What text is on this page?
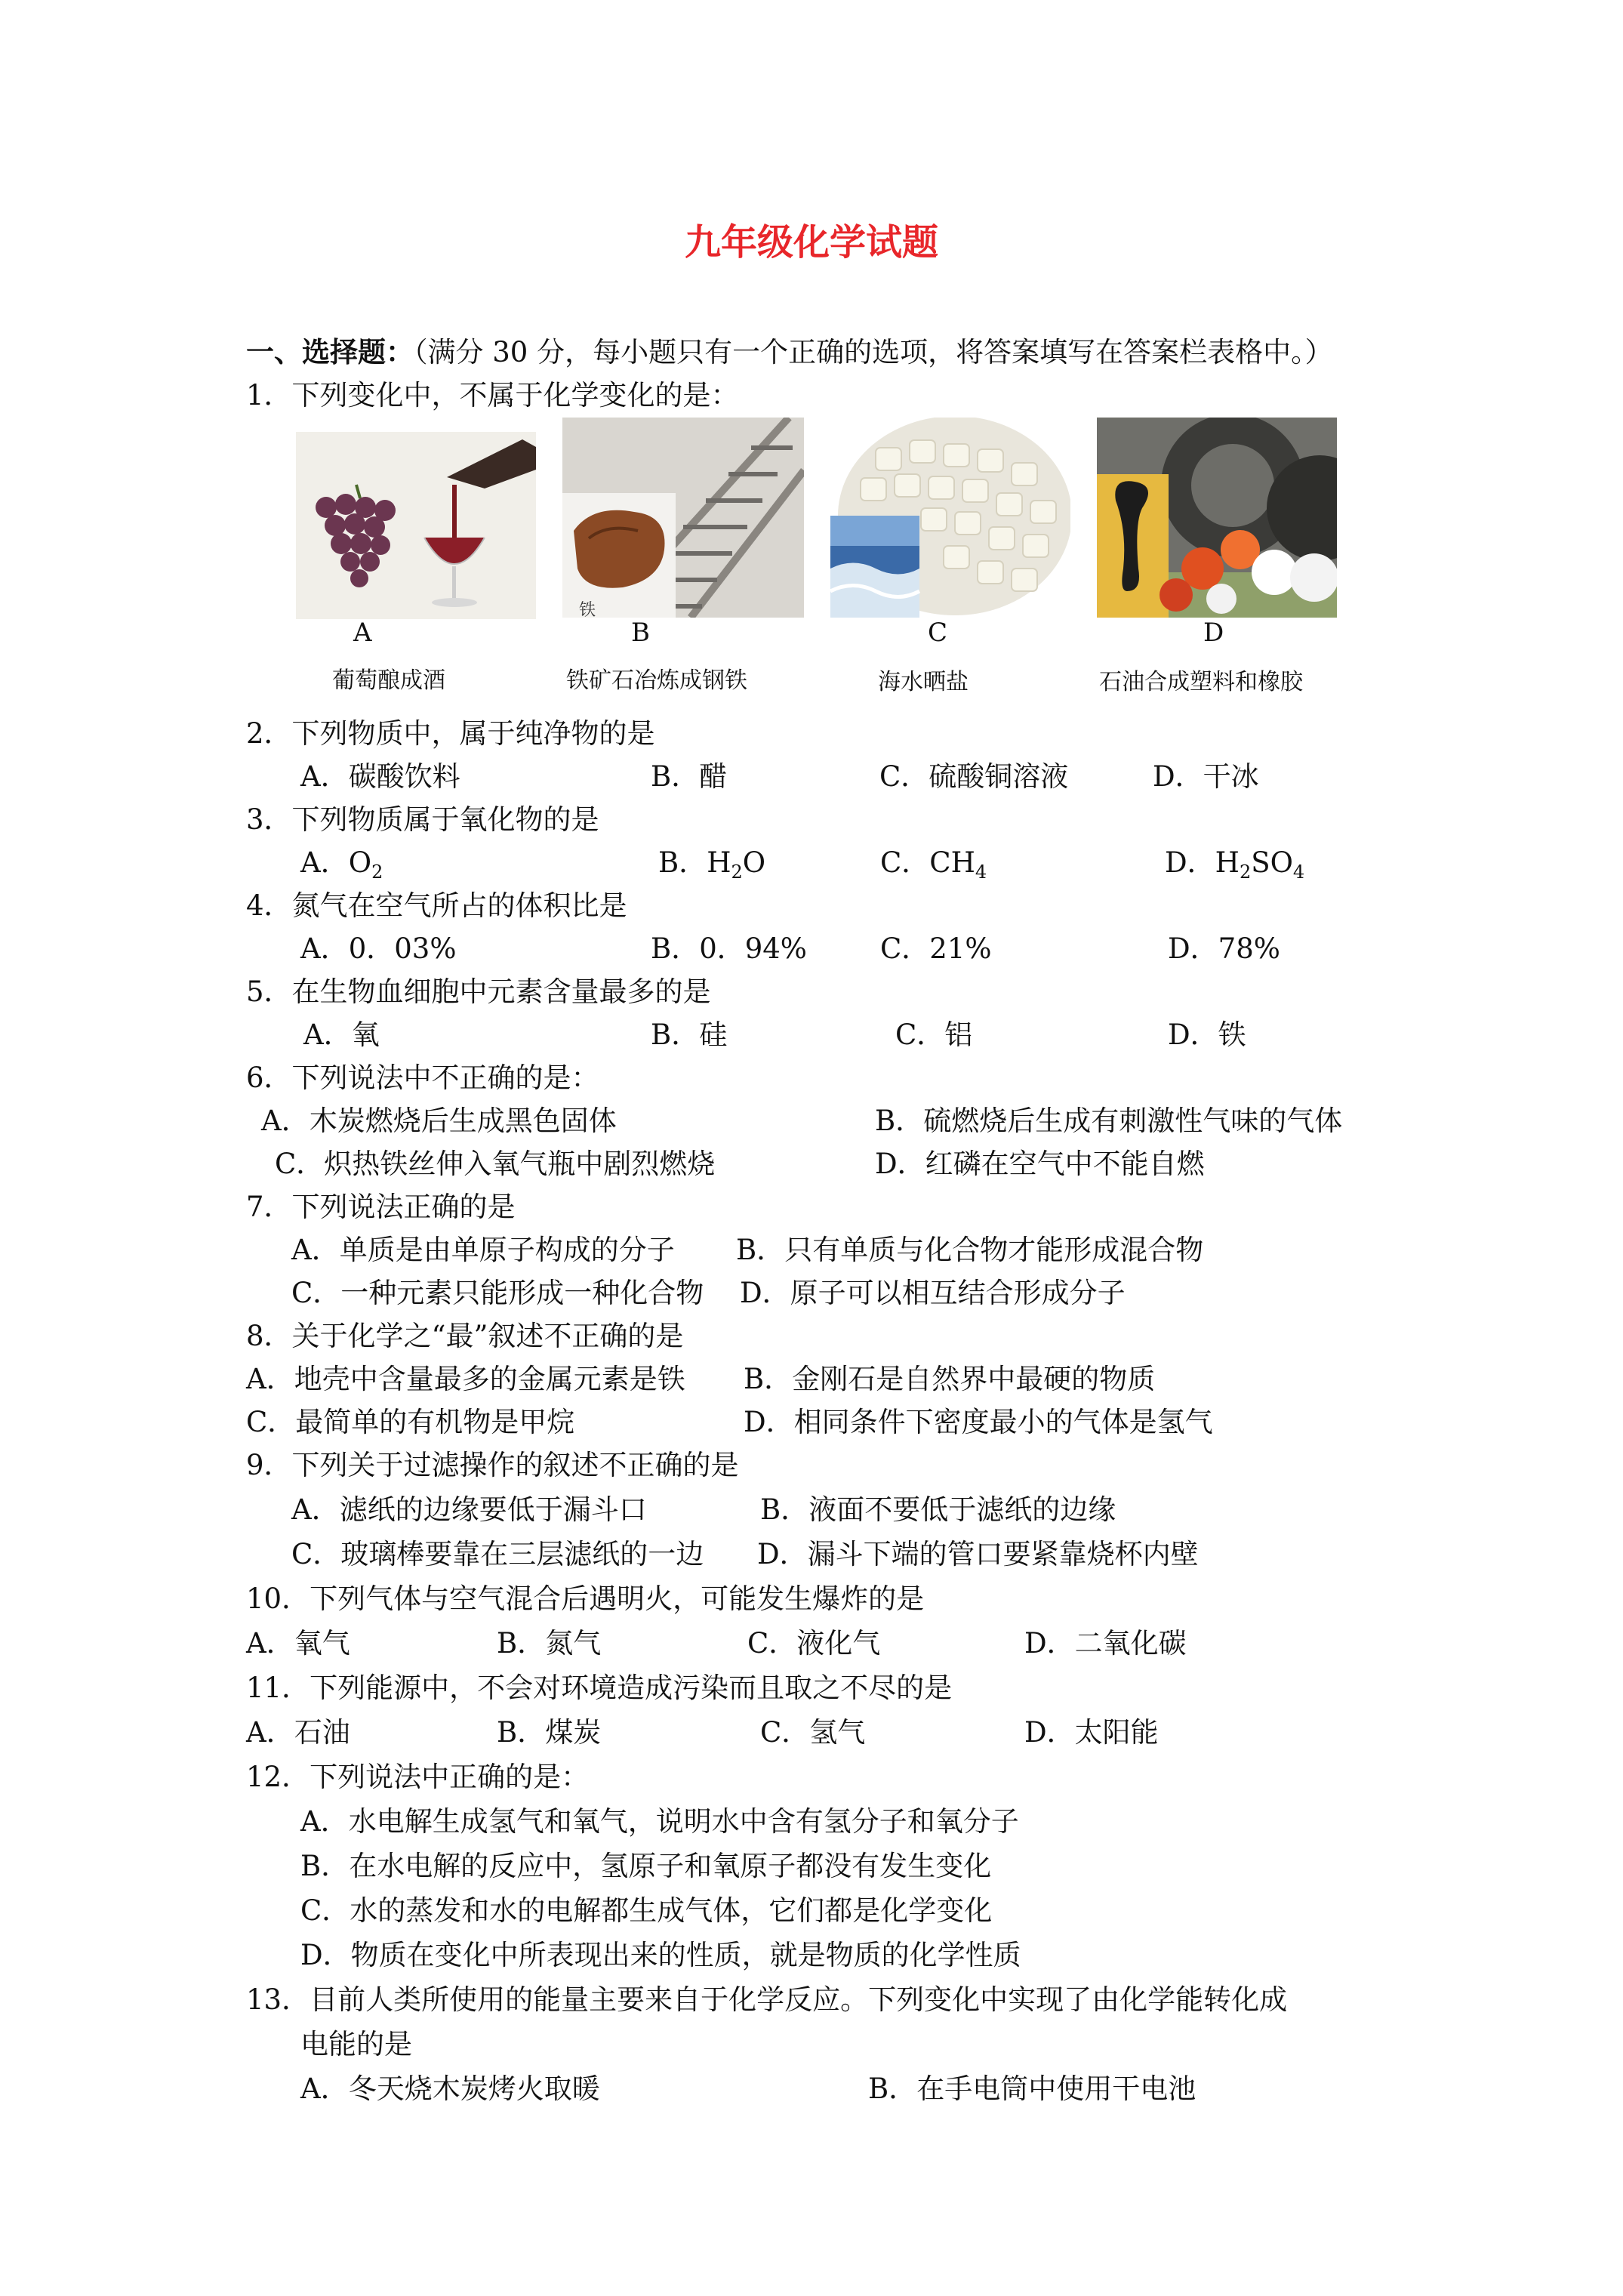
九年级化学试题
一、选择题：（满分 30 分，每小题只有一个正确的选项，将答案填写在答案栏表格中。）
1．下列变化中，不属于化学变化的是：
铁
A	B	C	D
葡萄酿成酒	铁矿石冶炼成钢铁	海水晒盐	石油合成塑料和橡胶
2．下列物质中，属于纯净物的是
A．碳酸饮料	B．醋	C．硫酸铜溶液	D．干冰
3．下列物质属于氧化物的是
A．$O_2$	B．$H_2O$	C．$CH_4$	D．$H_2SO_4$
4．氮气在空气所占的体积比是
A．0．03%	B．0．94%	C．21%	D．78%
5．在生物血细胞中元素含量最多的是
A．氧	B．硅	C．铝	D．铁
6．下列说法中不正确的是：
A．木炭燃烧后生成黑色固体	B．硫燃烧后生成有刺激性气味的气体
C．炽热铁丝伸入氧气瓶中剧烈燃烧	D．红磷在空气中不能自燃
7．下列说法正确的是
A．单质是由单原子构成的分子 B．只有单质与化合物才能形成混合物
C．一种元素只能形成一种化合物 D．原子可以相互结合形成分子
8．关于化学之“最”叙述不正确的是
A．地壳中含量最多的金属元素是铁 B．金刚石是自然界中最硬的物质
C．最简单的有机物是甲烷	D．相同条件下密度最小的气体是氢气
9．下列关于过滤操作的叙述不正确的是
A．滤纸的边缘要低于漏斗口	B．液面不要低于滤纸的边缘
C．玻璃棒要靠在三层滤纸的一边 D．漏斗下端的管口要紧靠烧杯内壁
10．下列气体与空气混合后遇明火，可能发生爆炸的是
A．氧气	B．氮气	C．液化气	D．二氧化碳
11．下列能源中，不会对环境造成污染而且取之不尽的是
A．石油	B．煤炭	C．氢气	D．太阳能
12．下列说法中正确的是：
A．水电解生成氢气和氧气，说明水中含有氢分子和氧分子
B．在水电解的反应中，氢原子和氧原子都没有发生变化
C．水的蒸发和水的电解都生成气体，它们都是化学变化
D．物质在变化中所表现出来的性质，就是物质的化学性质
13．目前人类所使用的能量主要来自于化学反应。下列变化中实现了由化学能转化成
电能的是
A．冬天烧木炭烤火取暖	B．在手电筒中使用干电池
